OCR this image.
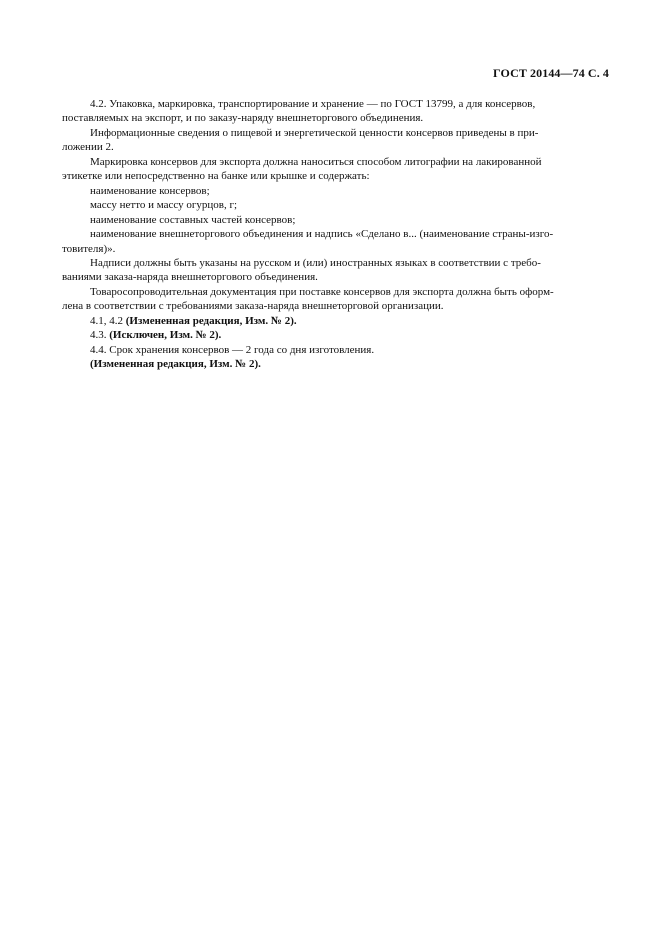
ГОСТ 20144—74 С. 4

4.2. Упаковка, маркировка, транспортирование и хранение — по ГОСТ 13799, а для консервов,
поставляемых на экспорт, и по заказу-наряду внешнеторгового объединения.

Информационные сведения о пищевой и энергетической ценности консервов приведены в при-
ложении 2.

Маркировка консервов для экспорта должна наноситься способом литографии на лакированной
этикетке или непосредственно на банке или крышке и содержать:

наименование консервов;

массу нетто и массу огурцов, г;

наименование составных частей консервов;

наименование внешнеторгового объединения и надпись «Сделано в... (наименование страны-изго-
товителя)».

Надписи должны быть указаны на русском и (или) иностранных языках в соответствии с требо-
ваниями заказа-наряда внешнеторгового объединения.

Товаросопроводительная документация при поставке консервов для экспорта должна быть оформ-
лена в соответствии с требованиями заказа-наряда внешнеторговой организации.

4.1, 4.2 (Измененная редакция, Изм. № 2).

4.3. (Исключен, Изм. № 2).

4.4. Срок хранения консервов — 2 года со дня изготовления.

(Измененная редакция, Изм. № 2).
